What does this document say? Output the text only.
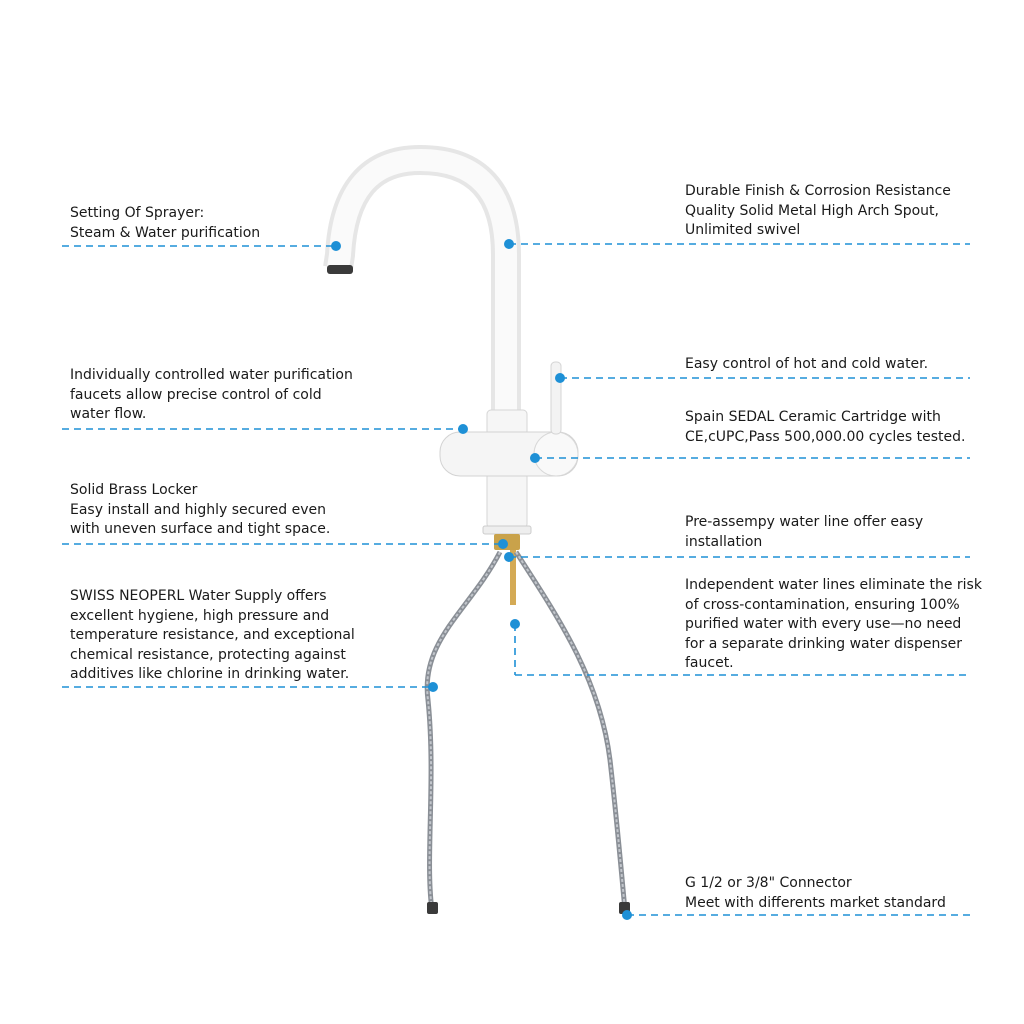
Setting Of Sprayer:
Steam & Water purification

Durable Finish & Corrosion Resistance
Quality Solid Metal High Arch Spout,
Unlimited swivel

Individually controlled water purification
faucets allow precise control of cold
water flow.

Easy control of hot and cold water.

Spain SEDAL Ceramic Cartridge with
CE,cUPC,Pass 500,000.00 cycles tested.

Solid Brass Locker
Easy install and highly secured even
with uneven surface and tight space.	Pre-assempy water line offer easy
installation

SWISS NEOPERL Water Supply offers
excellent hygiene, high pressure and
temperature resistance, and exceptional
chemical resistance, protecting against
additives like chlorine in drinking water.

Independent water lines eliminate the risk
of cross-contamination, ensuring 100%
purified water with every use—no need
for a separate drinking water dispenser
faucet.

G 1/2 or 3/8" Connector
Meet with differents market standard
